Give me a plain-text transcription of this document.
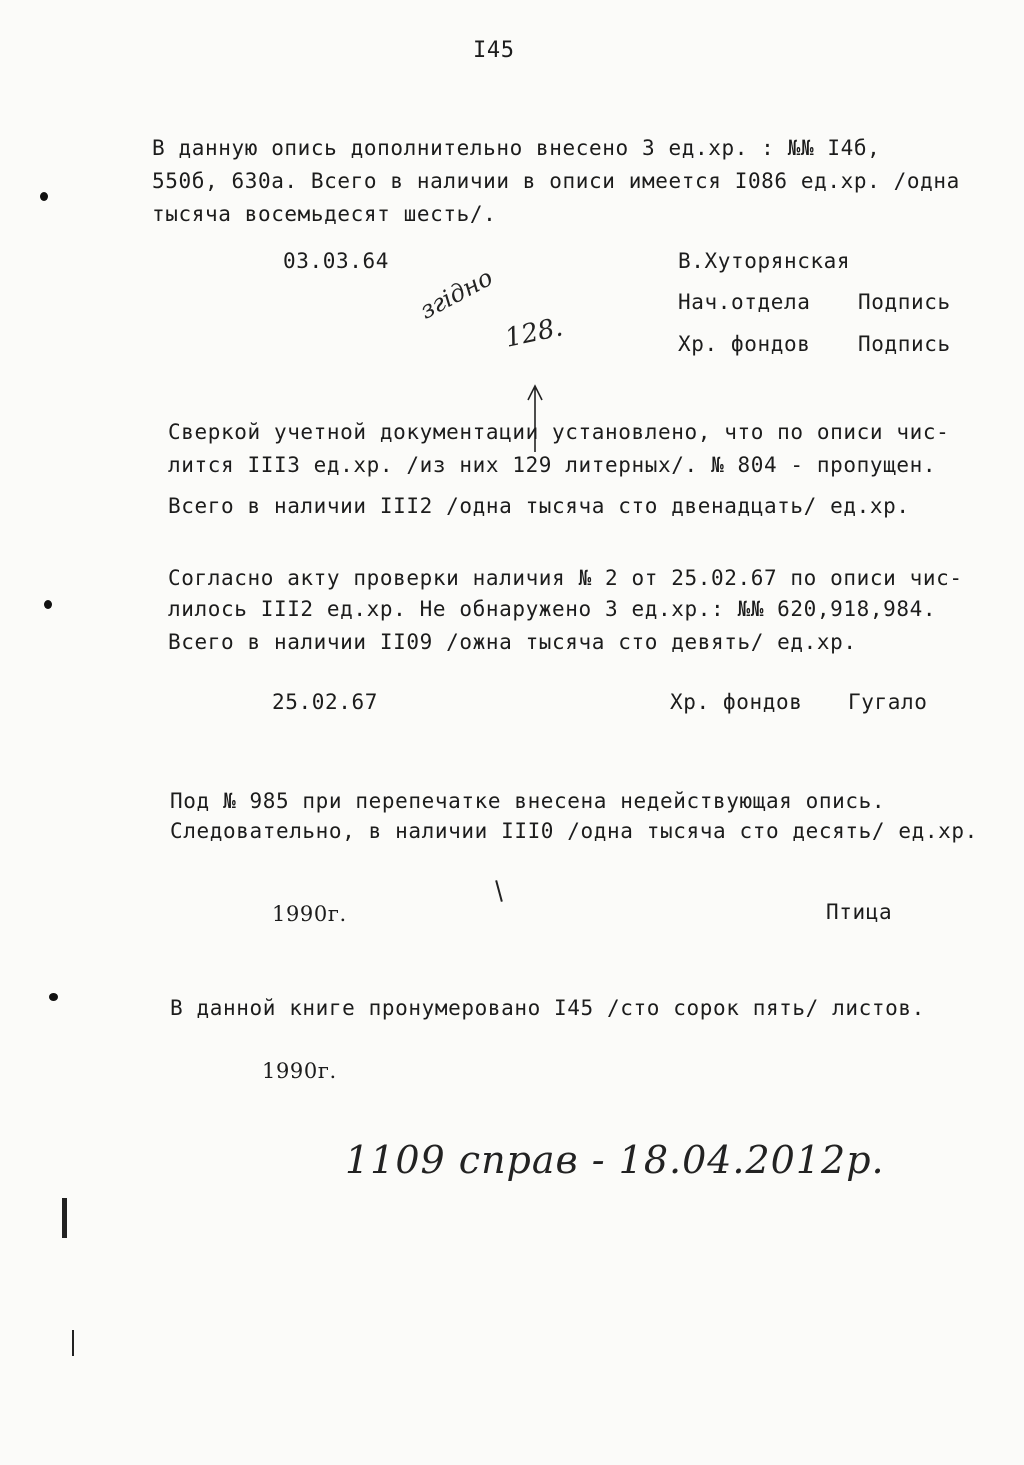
I45
В данную опись дополнительно внесено 3 ед.хр. : №№ I4б,
550б, 630а. Всего в наличии в описи имеется I086 ед.хр. /одна
тысяча восемьдесят шесть/.
03.03.64	В.Хуторянская
Нач.отдела Подпись
Хр. фондов Подпись
згідно
128.
Сверкой учетной документации установлено, что по описи чис-
лится III3 ед.хр. /из них 129 литерных/. № 804 - пропущен.
Всего в наличии III2 /одна тысяча сто двенадцать/ ед.хр.
Согласно акту проверки наличия № 2 от 25.02.67 по описи чис-
лилось III2 ед.хр. Не обнаружено 3 ед.хр.: №№ 620,918,984.
Всего в наличии II09 /ожна тысяча сто девять/ ед.хр.
25.02.67	Хр. фондов Гугало
Под № 985 при перепечатке внесена недействующая опись.
Следовательно, в наличии III0 /одна тысяча сто десять/ ед.хр.
1990г.	Птица
В данной книге пронумеровано I45 /сто сорок пять/ листов.
1990г.
1109 справ - 18.04.2012р.
